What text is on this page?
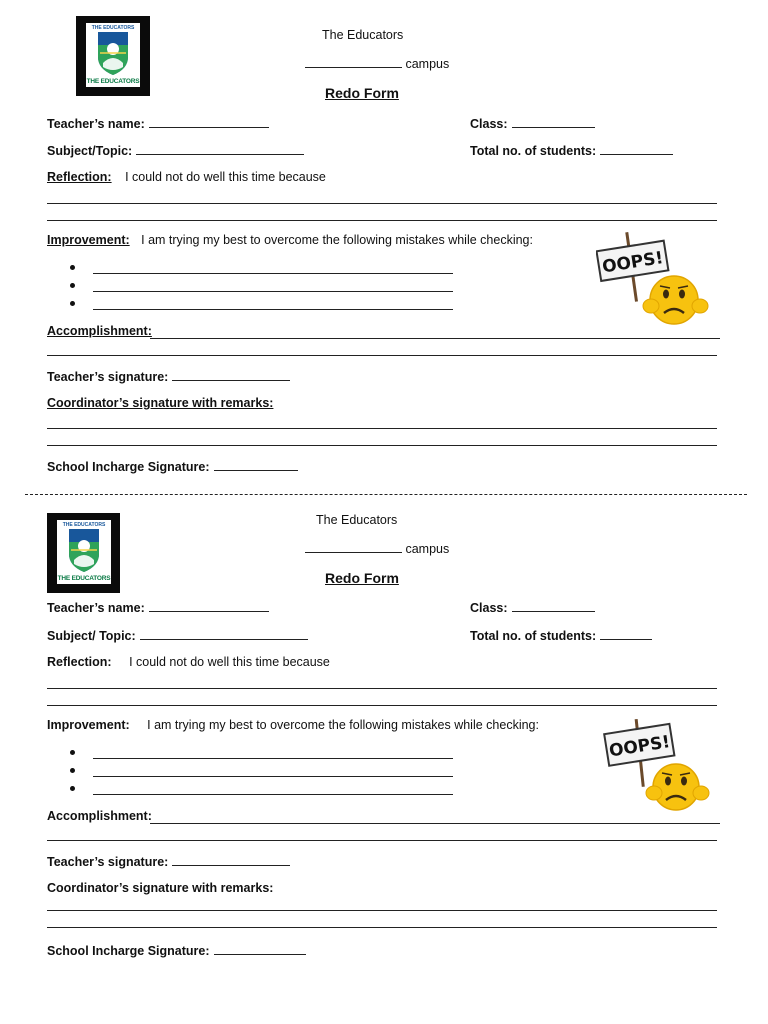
THE EDUCATORS
THE EDUCATORS
The Educators
campus
Redo Form
Teacher’s name:	Class:
Subject/Topic:	Total no. of students:
Reflection: I could not do well this time because
Improvement: I am trying my best to overcome the following mistakes while checking:
OOPS!
Accomplishment:
Teacher’s signature:
Coordinator’s signature with remarks:
School Incharge Signature:
THE EDUCATORS
THE EDUCATORS
The Educators
campus
Redo Form
Teacher’s name:	Class:
Subject/ Topic:	Total no. of students:
Reflection: I could not do well this time because
Improvement: I am trying my best to overcome the following mistakes while checking:
OOPS!
Accomplishment:
Teacher’s signature:
Coordinator’s signature with remarks:
School Incharge Signature:
